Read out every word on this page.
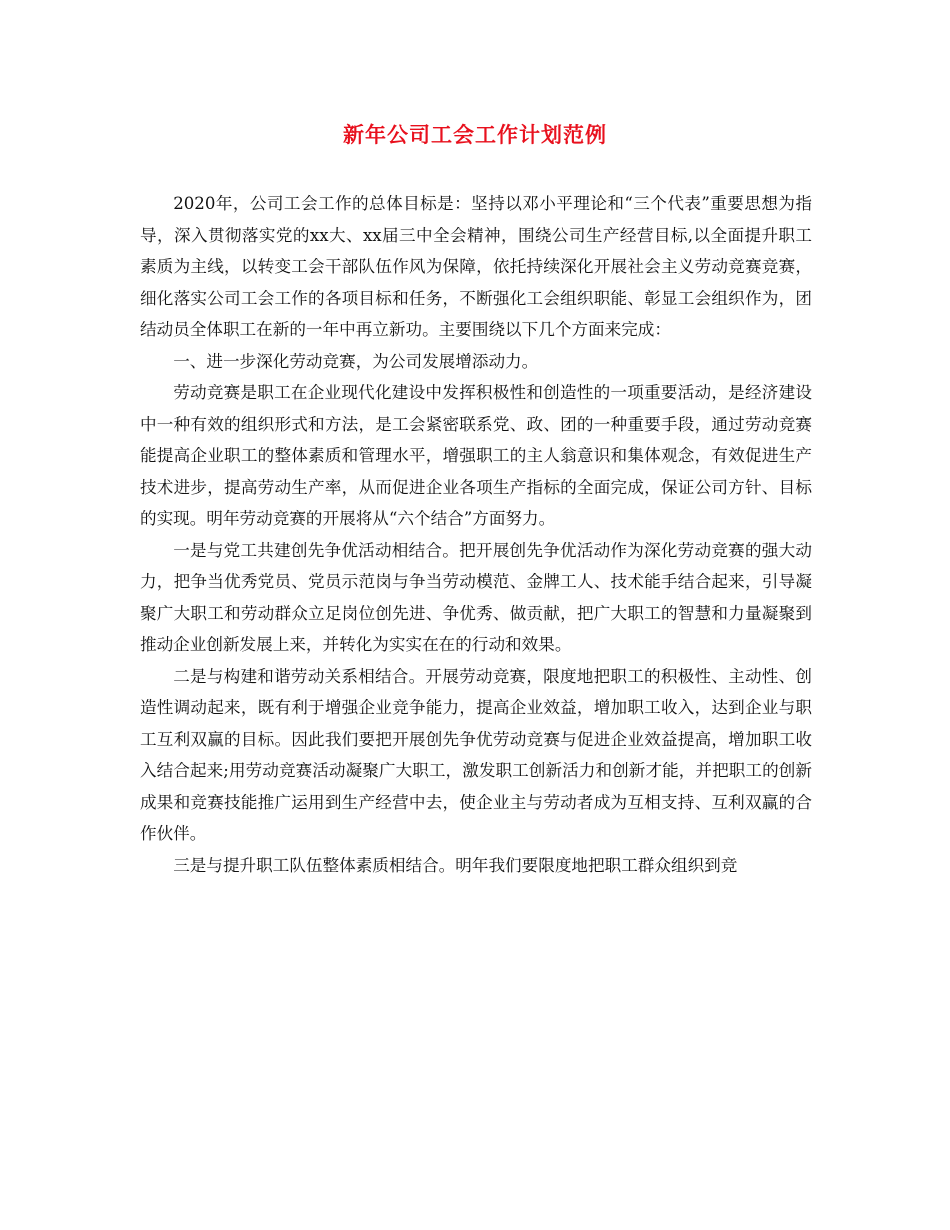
新年公司工会工作计划范例

2020年，公司工会工作的总体目标是：坚持以邓小平理论和“三个代表”重要思想为指导，深入贯彻落实党的xx大、xx届三中全会精神，围绕公司生产经营目标,以全面提升职工素质为主线，以转变工会干部队伍作风为保障，依托持续深化开展社会主义劳动竞赛竞赛，细化落实公司工会工作的各项目标和任务，不断强化工会组织职能、彰显工会组织作为，团结动员全体职工在新的一年中再立新功。主要围绕以下几个方面来完成：

一、进一步深化劳动竞赛，为公司发展增添动力。

劳动竞赛是职工在企业现代化建设中发挥积极性和创造性的一项重要活动，是经济建设中一种有效的组织形式和方法，是工会紧密联系党、政、团的一种重要手段，通过劳动竞赛能提高企业职工的整体素质和管理水平，增强职工的主人翁意识和集体观念，有效促进生产技术进步，提高劳动生产率，从而促进企业各项生产指标的全面完成，保证公司方针、目标的实现。明年劳动竞赛的开展将从“六个结合”方面努力。

一是与党工共建创先争优活动相结合。把开展创先争优活动作为深化劳动竞赛的强大动力，把争当优秀党员、党员示范岗与争当劳动模范、金牌工人、技术能手结合起来，引导凝聚广大职工和劳动群众立足岗位创先进、争优秀、做贡献，把广大职工的智慧和力量凝聚到推动企业创新发展上来，并转化为实实在在的行动和效果。

二是与构建和谐劳动关系相结合。开展劳动竞赛，限度地把职工的积极性、主动性、创造性调动起来，既有利于增强企业竞争能力，提高企业效益，增加职工收入，达到企业与职工互利双赢的目标。因此我们要把开展创先争优劳动竞赛与促进企业效益提高，增加职工收入结合起来;用劳动竞赛活动凝聚广大职工，激发职工创新活力和创新才能，并把职工的创新成果和竞赛技能推广运用到生产经营中去，使企业主与劳动者成为互相支持、互利双赢的合作伙伴。

三是与提升职工队伍整体素质相结合。明年我们要限度地把职工群众组织到竞
